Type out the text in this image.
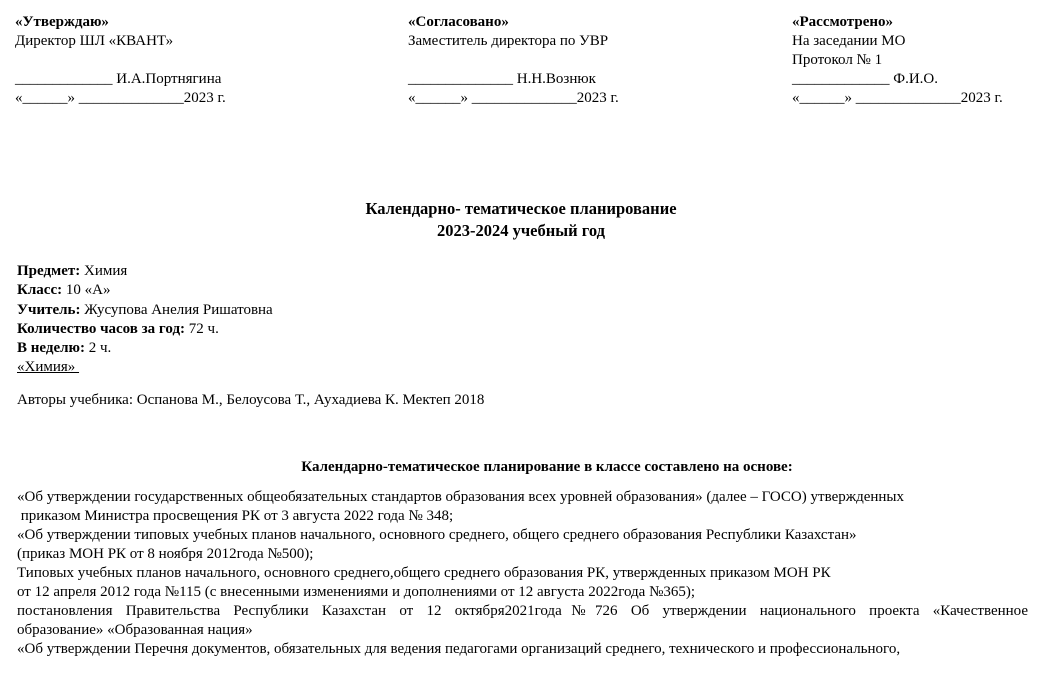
«Утверждаю»
Директор ШЛ «КВАНТ»
_____________ И.А.Портнягина
«______» ______________2023 г.
«Согласовано»
Заместитель директора по УВР
______________ Н.Н.Вознюк
«______» ______________2023 г.
«Рассмотрено»
На заседании МО
Протокол № 1
_____________ Ф.И.О.
«______» ______________2023 г.
Календарно- тематическое планирование
2023-2024 учебный год
Предмет: Химия
Класс: 10 «А»
Учитель: Жусупова Анелия Ришатовна
Количество часов за год: 72 ч.
В неделю: 2 ч.
«Химия»
Авторы учебника: Оспанова М., Белоусова Т., Аухадиева К. Мектеп 2018
Календарно-тематическое планирование в классе составлено на основе:
«Об утверждении государственных общеобязательных стандартов образования всех уровней образования» (далее – ГОСО) утвержденных
приказом Министра просвещения РК от 3 августа 2022 года № 348;
«Об утверждении типовых учебных планов начального, основного среднего, общего среднего образования Республики Казахстан»
(приказ МОН РК от 8 ноября 2012года №500);
Типовых учебных планов начального, основного среднего,общего среднего образования РК, утвержденных приказом МОН РК
от 12 апреля 2012 года №115 (с внесенными изменениями и дополнениями от 12 августа 2022года №365);
постановления Правительства Республики Казахстан от 12 октября2021года№726 Об утверждении национального проекта «Качественное
образование» «Образованная нация»
«Об утверждении Перечня документов, обязательных для ведения педагогами организаций среднего, технического и профессионального,
